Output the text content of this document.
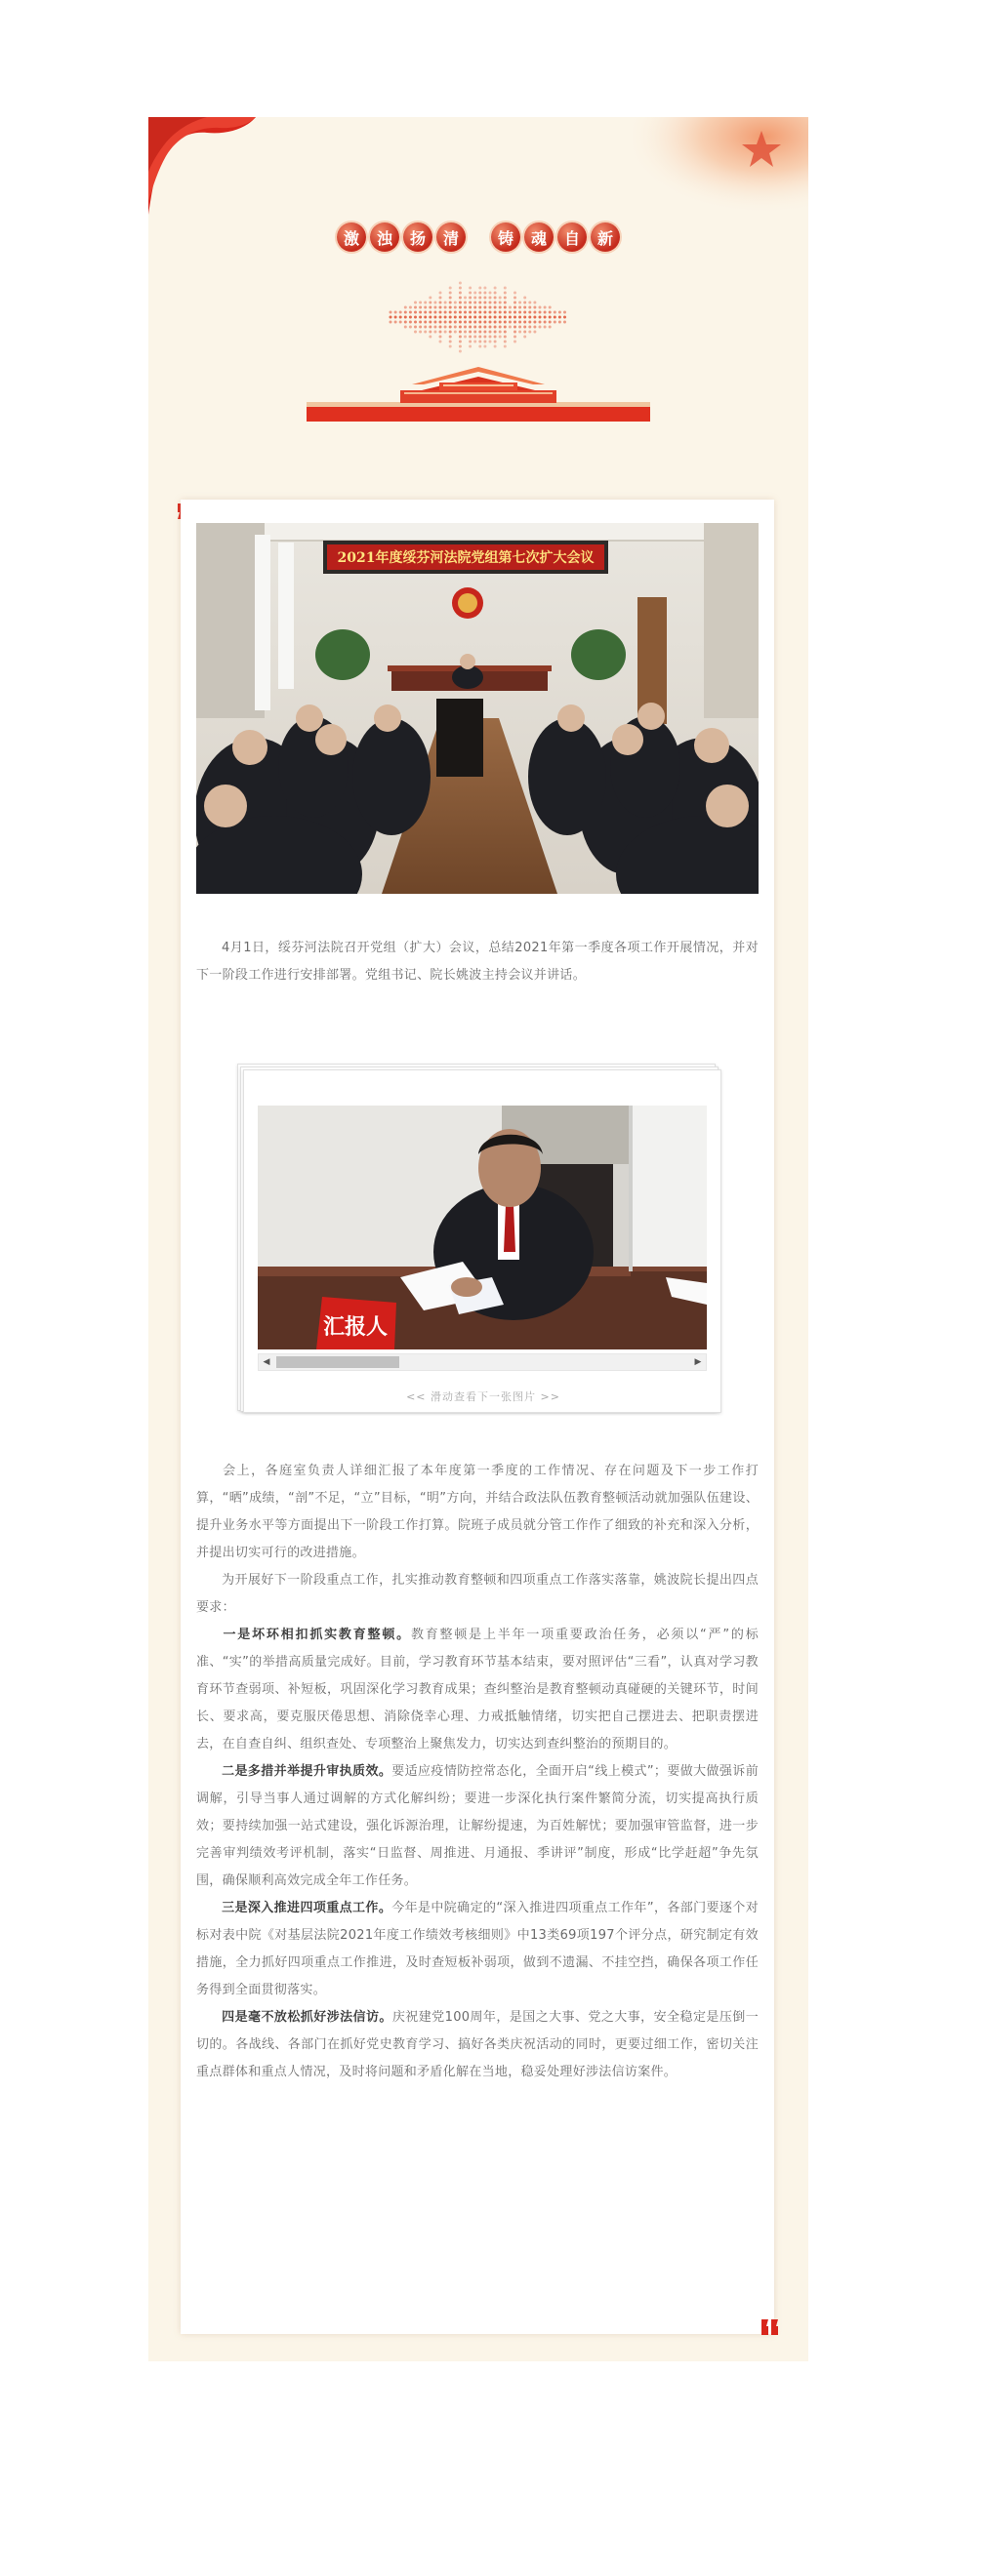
激	浊	扬	清	铸	魂	自	新
2021年度绥芬河法院党组第七次扩大会议
4月1日，绥芬河法院召开党组（扩大）会议，总结2021年第一季度各项工作开展情况，并对下一阶段工作进行安排部署。党组书记、院长姚波主持会议并讲话。
汇报人
◀	▶
<< 滑动查看下一张图片 >>

会上，各庭室负责人详细汇报了本年度第一季度的工作情况、存在问题及下一步工作打算，“晒”成绩，“剖”不足，“立”目标，“明”方向，并结合政法队伍教育整顿活动就加强队伍建设、提升业务水平等方面提出下一阶段工作打算。院班子成员就分管工作作了细致的补充和深入分析，并提出切实可行的改进措施。

为开展好下一阶段重点工作，扎实推动教育整顿和四项重点工作落实落靠，姚波院长提出四点要求：

一是坏环相扣抓实教育整顿。教育整顿是上半年一项重要政治任务，必须以“严”的标准、“实”的举措高质量完成好。目前，学习教育环节基本结束，要对照评估“三看”，认真对学习教育环节查弱项、补短板，巩固深化学习教育成果；查纠整治是教育整顿动真碰硬的关键环节，时间长、要求高，要克服厌倦思想、消除侥幸心理、力戒抵触情绪，切实把自己摆进去、把职责摆进去，在自查自纠、组织查处、专项整治上聚焦发力，切实达到查纠整治的预期目的。

二是多措并举提升审执质效。要适应疫情防控常态化，全面开启“线上模式”；要做大做强诉前调解，引导当事人通过调解的方式化解纠纷；要进一步深化执行案件繁简分流，切实提高执行质效；要持续加强一站式建设，强化诉源治理，让解纷提速，为百姓解忧；要加强审管监督，进一步完善审判绩效考评机制，落实“日监督、周推进、月通报、季讲评”制度，形成“比学赶超”争先氛围，确保顺利高效完成全年工作任务。

三是深入推进四项重点工作。今年是中院确定的“深入推进四项重点工作年”，各部门要逐个对标对表中院《对基层法院2021年度工作绩效考核细则》中13类69项197个评分点，研究制定有效措施，全力抓好四项重点工作推进，及时查短板补弱项，做到不遗漏、不挂空挡，确保各项工作任务得到全面贯彻落实。

四是毫不放松抓好涉法信访。庆祝建党100周年，是国之大事、党之大事，安全稳定是压倒一切的。各战线、各部门在抓好党史教育学习、搞好各类庆祝活动的同时，更要过细工作，密切关注重点群体和重点人情况，及时将问题和矛盾化解在当地，稳妥处理好涉法信访案件。
